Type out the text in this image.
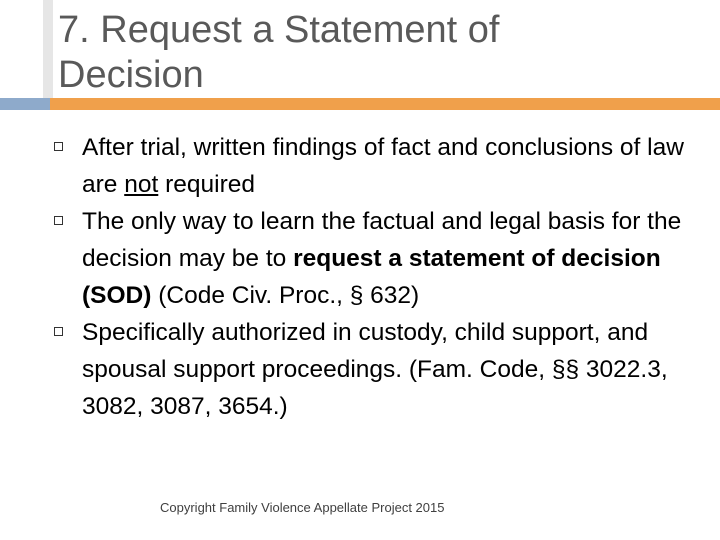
7. Request a Statement of
Decision
After trial, written findings of fact and conclusions of law are not required
The only way to learn the factual and legal basis for the decision may be to request a statement of decision (SOD) (Code Civ. Proc., § 632)
Specifically authorized in custody, child support, and spousal support proceedings. (Fam. Code, §§ 3022.3, 3082, 3087, 3654.)
Copyright Family Violence Appellate Project 2015
